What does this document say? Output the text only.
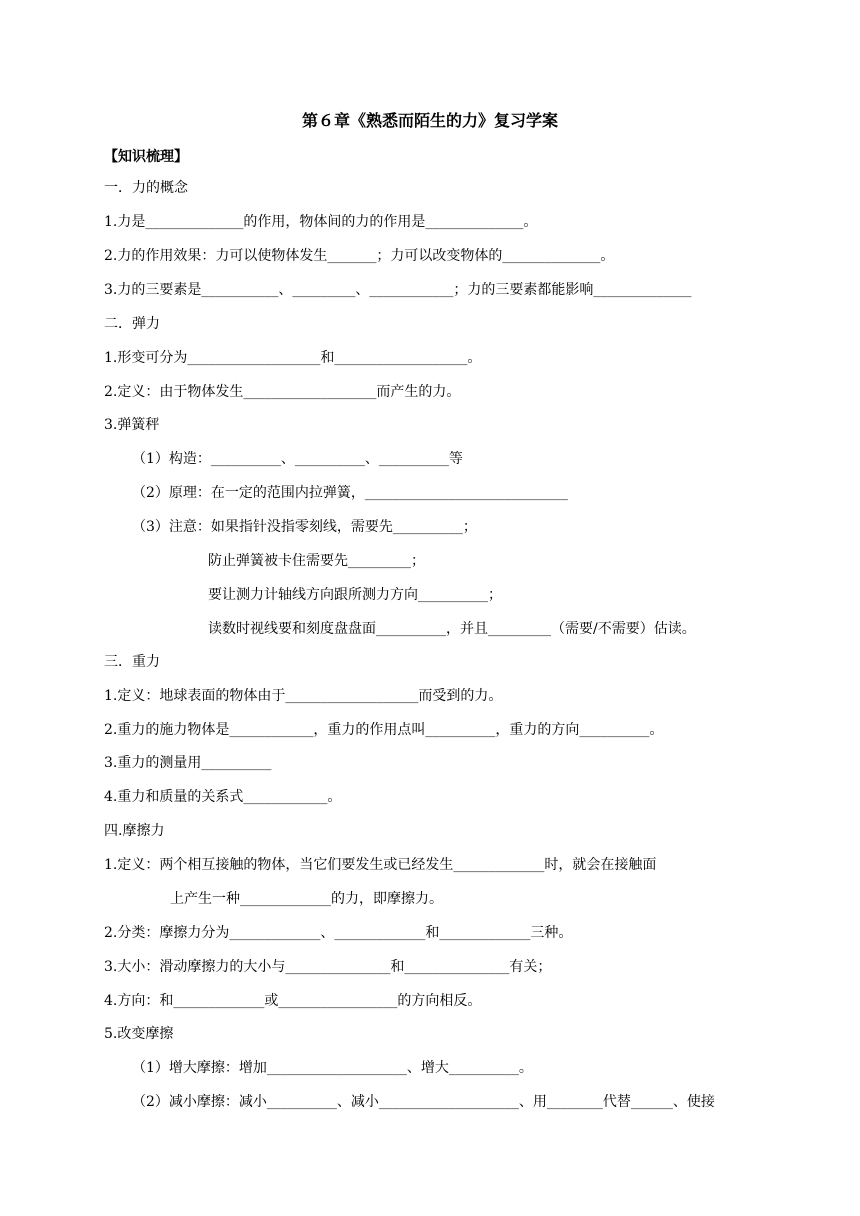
第６章《熟悉而陌生的力》复习学案
【知识梳理】
一．力的概念
1.力是______________的作用，物体间的力的作用是______________。
2.力的作用效果：力可以使物体发生_______；力可以改变物体的______________。
3.力的三要素是___________、_________、____________；力的三要素都能影响______________
二．弹力
1.形变可分为___________________和___________________。
2.定义：由于物体发生___________________而产生的力。
3.弹簧秤
（1）构造：__________、__________、__________等
（2）原理：在一定的范围内拉弹簧，_____________________________
（3）注意：如果指针没指零刻线，需要先__________；
防止弹簧被卡住需要先_________；
要让测力计轴线方向跟所测力方向__________；
读数时视线要和刻度盘盘面__________，并且_________（需要/不需要）估读。
三．重力
1.定义：地球表面的物体由于___________________而受到的力。
2.重力的施力物体是____________，重力的作用点叫__________，重力的方向__________。
3.重力的测量用__________
4.重力和质量的关系式____________。
四.摩擦力
1.定义：两个相互接触的物体，当它们要发生或已经发生_____________时，就会在接触面
上产生一种_____________的力，即摩擦力。
2.分类：摩擦力分为_____________、_____________和_____________三种。
3.大小：滑动摩擦力的大小与_______________和_______________有关；
4.方向：和_____________或_________________的方向相反。
5.改变摩擦
（1）增大摩擦：增加____________________、增大__________。
（2）减小摩擦：减小__________、减小____________________、用________代替______、使接
